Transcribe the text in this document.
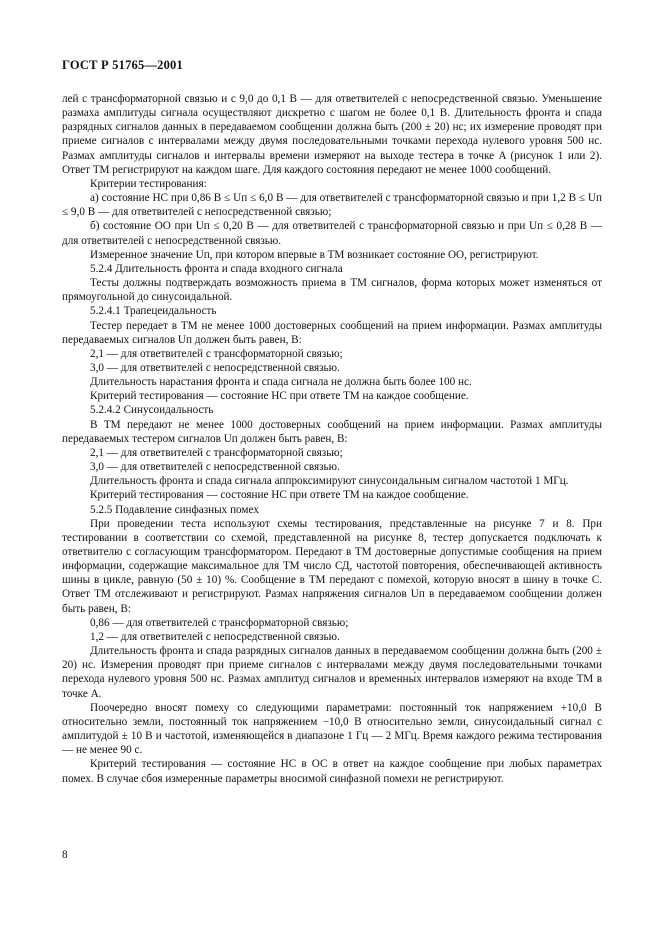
ГОСТ Р 51765—2001

лей с трансформаторной связью и с 9,0 до 0,1 В — для ответвителей с непосредственной связью. Уменьшение размаха амплитуды сигнала осуществляют дискретно с шагом не более 0,1 В. Длительность фронта и спада разрядных сигналов данных в передаваемом сообщении должна быть (200 ± 20) нс; их измерение проводят при приеме сигналов с интервалами между двумя последовательными точками перехода нулевого уровня 500 нс. Размах амплитуды сигналов и интервалы времени измеряют на выходе тестера в точке A (рисунок 1 или 2). Ответ ТМ регистрируют на каждом шаге. Для каждого состояния передают не менее 1000 сообщений.

Критерии тестирования:

а) состояние НС при 0,86 В ≤ Uп ≤ 6,0 В — для ответвителей с трансформаторной связью и при 1,2 В ≤ Uп ≤ 9,0 В — для ответвителей с непосредственной связью;

б) состояние ОО при Uп ≤ 0,20 В — для ответвителей с трансформаторной связью и при Uп ≤ 0,28 В — для ответвителей с непосредственной связью.

Измеренное значение Uп, при котором впервые в ТМ возникает состояние ОО, регистрируют.

5.2.4 Длительность фронта и спада входного сигнала

Тесты должны подтверждать возможность приема в ТМ сигналов, форма которых может изменяться от прямоугольной до синусоидальной.

5.2.4.1 Трапецеидальность

Тестер передает в ТМ не менее 1000 достоверных сообщений на прием информации. Размах амплитуды передаваемых сигналов Uп должен быть равен, В:

2,1 — для ответвителей с трансформаторной связью;

3,0 — для ответвителей с непосредственной связью.

Длительность нарастания фронта и спада сигнала не должна быть более 100 нс.

Критерий тестирования — состояние НС при ответе ТМ на каждое сообщение.

5.2.4.2 Синусоидальность

В ТМ передают не менее 1000 достоверных сообщений на прием информации. Размах амплитуды передаваемых тестером сигналов Uп должен быть равен, В:

2,1 — для ответвителей с трансформаторной связью;

3,0 — для ответвителей с непосредственной связью.

Длительность фронта и спада сигнала аппроксимируют синусоидальным сигналом частотой 1 МГц.

Критерий тестирования — состояние НС при ответе ТМ на каждое сообщение.

5.2.5 Подавление синфазных помех

При проведении теста используют схемы тестирования, представленные на рисунке 7 и 8. При тестировании в соответствии со схемой, представленной на рисунке 8, тестер допускается подключать к ответвителю с согласующим трансформатором. Передают в ТМ достоверные допустимые сообщения на прием информации, содержащие максимальное для ТМ число СД, частотой повторения, обеспечивающей активность шины в цикле, равную (50 ± 10) %. Сообщение в ТМ передают с помехой, которую вносят в шину в точке C. Ответ ТМ отслеживают и регистрируют. Размах напряжения сигналов Uп в передаваемом сообщении должен быть равен, В:

0,86 — для ответвителей с трансформаторной связью;

1,2 — для ответвителей с непосредственной связью.

Длительность фронта и спада разрядных сигналов данных в передаваемом сообщении должна быть (200 ± 20) нс. Измерения проводят при приеме сигналов с интервалами между двумя последовательными точками перехода нулевого уровня 500 нс. Размах амплитуд сигналов и временны́х интервалов измеряют на входе ТМ в точке A.

Поочередно вносят помеху со следующими параметрами: постоянный ток напряжением +10,0 В относительно земли, постоянный ток напряжением −10,0 В относительно земли, синусоидальный сигнал с амплитудой ± 10 В и частотой, изменяющейся в диапазоне 1 Гц — 2 МГц. Время каждого режима тестирования — не менее 90 с.

Критерий тестирования — состояние НС в ОС в ответ на каждое сообщение при любых параметрах помех. В случае сбоя измеренные параметры вносимой синфазной помехи не регистрируют.

8
